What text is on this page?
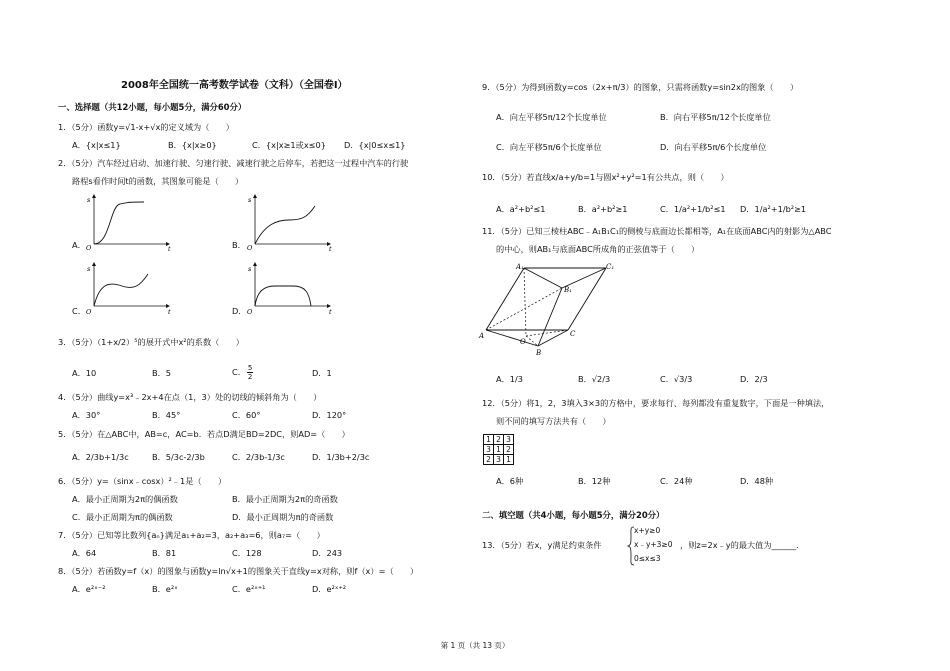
2008年全国统一高考数学试卷（文科）（全国卷Ⅰ）
一、选择题（共12小题，每小题5分，满分60分）
1．（5分）函数y=√1-x+√x的定义域为（　　）
A．{x|x≤1}	B．{x|x≥0}	C．{x|x≥1或x≤0} D．{x|0≤x≤1}
2．（5分）汽车经过启动、加速行驶、匀速行驶、减速行驶之后停车，若把这一过程中汽车的行驶
路程s看作时间t的函数，其图象可能是（　　）
s
t
O
A．
s
t
O
B．
s
t
O
C．
s
t
O
D．
3．（5分）（1+x/2）⁵的展开式中x²的系数（　　）
A．10	B．5	C． $\frac{5}{2}$	D．1
4．（5分）曲线y=x³﹣2x+4在点（1，3）处的切线的倾斜角为（　　）
A．30°	B．45°	C．60°	D．120°
5．（5分）在△ABC中，AB=c，AC=b．若点D满足BD=2DC，则AD=（　　）
A．2/3b+1/3c	B．5/3c-2/3b	C．2/3b-1/3c	D．1/3b+2/3c
6．（5分）y=（sinx﹣cosx）²﹣1是（　　）
A．最小正周期为2π的偶函数	B．最小正周期为2π的奇函数
C．最小正周期为π的偶函数	D．最小正周期为π的奇函数
7．（5分）已知等比数列{aₙ}满足a₁+a₂=3，a₂+a₃=6，则a₇=（　　）
A．64	B．81	C．128	D．243
8．（5分）若函数y=f（x）的图象与函数y=ln√x+1的图象关于直线y=x对称，则f（x）=（　　）
A．e²ˣ⁻²	B．e²ˣ	C．e²ˣ⁺¹	D．e²ˣ⁺²
9．（5分）为得到函数y=cos（2x+π/3）的图象，只需将函数y=sin2x的图象（　　）
A．向左平移5π/12个长度单位	B．向右平移5π/12个长度单位
C．向左平移5π/6个长度单位	D．向右平移5π/6个长度单位
10．（5分）若直线x/a+y/b=1与圆x²+y²=1有公共点，则（　　）
A．a²+b²≤1	B．a²+b²≥1	C．1/a²+1/b²≤1 D．1/a²+1/b²≥1
11．（5分）已知三棱柱ABC﹣A₁B₁C₁的侧棱与底面边长都相等，A₁在底面ABC内的射影为△ABC
的中心，则AB₁与底面ABC所成角的正弦值等于（　　）
A₁	C₁
B₁
A
O
C
B
A．1/3	B．√2/3	C．√3/3	D．2/3
12．（5分）将1，2，3填入3×3的方格中，要求每行、每列都没有重复数字，下面是一种填法，
则不同的填写方法共有（　　）
1	2	3
3	1	2
2	3	1
A．6种	B．12种	C．24种	D．48种
二、填空题（共4小题，每小题5分，满分20分）
13．（5分）若x，y满足约束条件
x+y≥0
x﹣y+3≥0
0≤x≤3
，则z=2x﹣y的最大值为______．
第 1 页（共 13 页）
